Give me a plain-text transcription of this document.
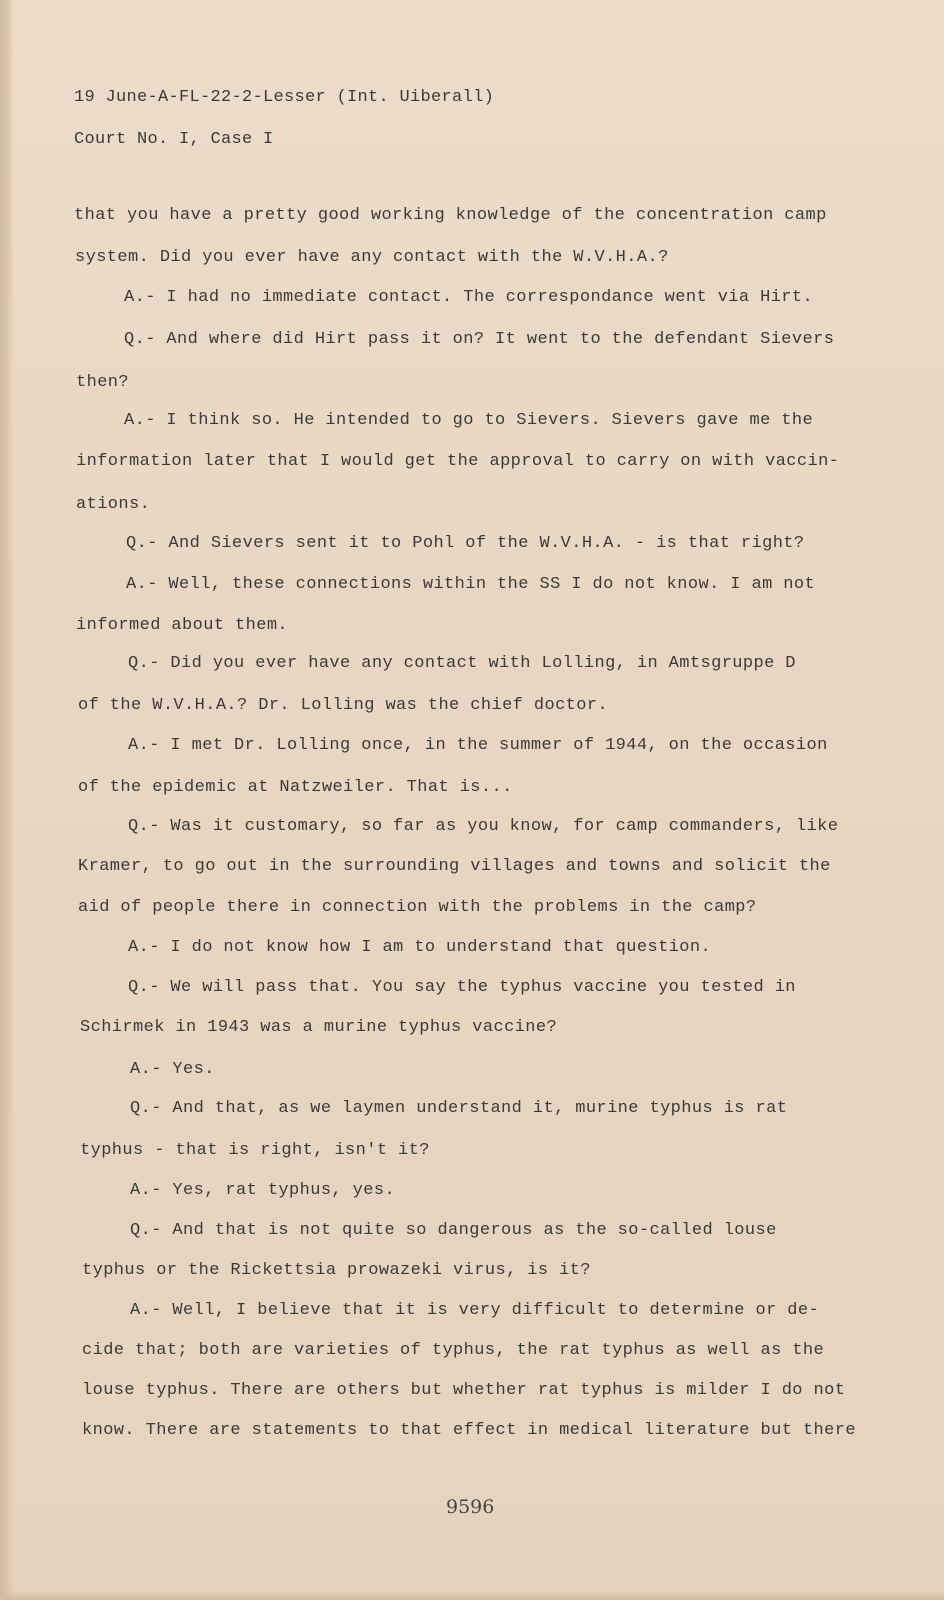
19 June-A-FL-22-2-Lesser (Int. Uiberall)
Court No. I, Case I
that you have a pretty good working knowledge of the concentration camp
system. Did you ever have any contact with the W.V.H.A.?
A.- I had no immediate contact. The correspondance went via Hirt.
Q.- And where did Hirt pass it on? It went to the defendant Sievers
then?
A.- I think so. He intended to go to Sievers. Sievers gave me the
information later that I would get the approval to carry on with vaccin-
ations.
Q.- And Sievers sent it to Pohl of the W.V.H.A. - is that right?
A.- Well, these connections within the SS I do not know. I am not
informed about them.
Q.- Did you ever have any contact with Lolling, in Amtsgruppe D
of the W.V.H.A.? Dr. Lolling was the chief doctor.
A.- I met Dr. Lolling once, in the summer of 1944, on the occasion
of the epidemic at Natzweiler. That is...
Q.- Was it customary, so far as you know, for camp commanders, like
Kramer, to go out in the surrounding villages and towns and solicit the
aid of people there in connection with the problems in the camp?
A.- I do not know how I am to understand that question.
Q.- We will pass that. You say the typhus vaccine you tested in
Schirmek in 1943 was a murine typhus vaccine?
A.- Yes.
Q.- And that, as we laymen understand it, murine typhus is rat
typhus - that is right, isn't it?
A.- Yes, rat typhus, yes.
Q.- And that is not quite so dangerous as the so-called louse
typhus or the Rickettsia prowazeki virus, is it?
A.- Well, I believe that it is very difficult to determine or de-
cide that; both are varieties of typhus, the rat typhus as well as the
louse typhus. There are others but whether rat typhus is milder I do not
know. There are statements to that effect in medical literature but there
9596
